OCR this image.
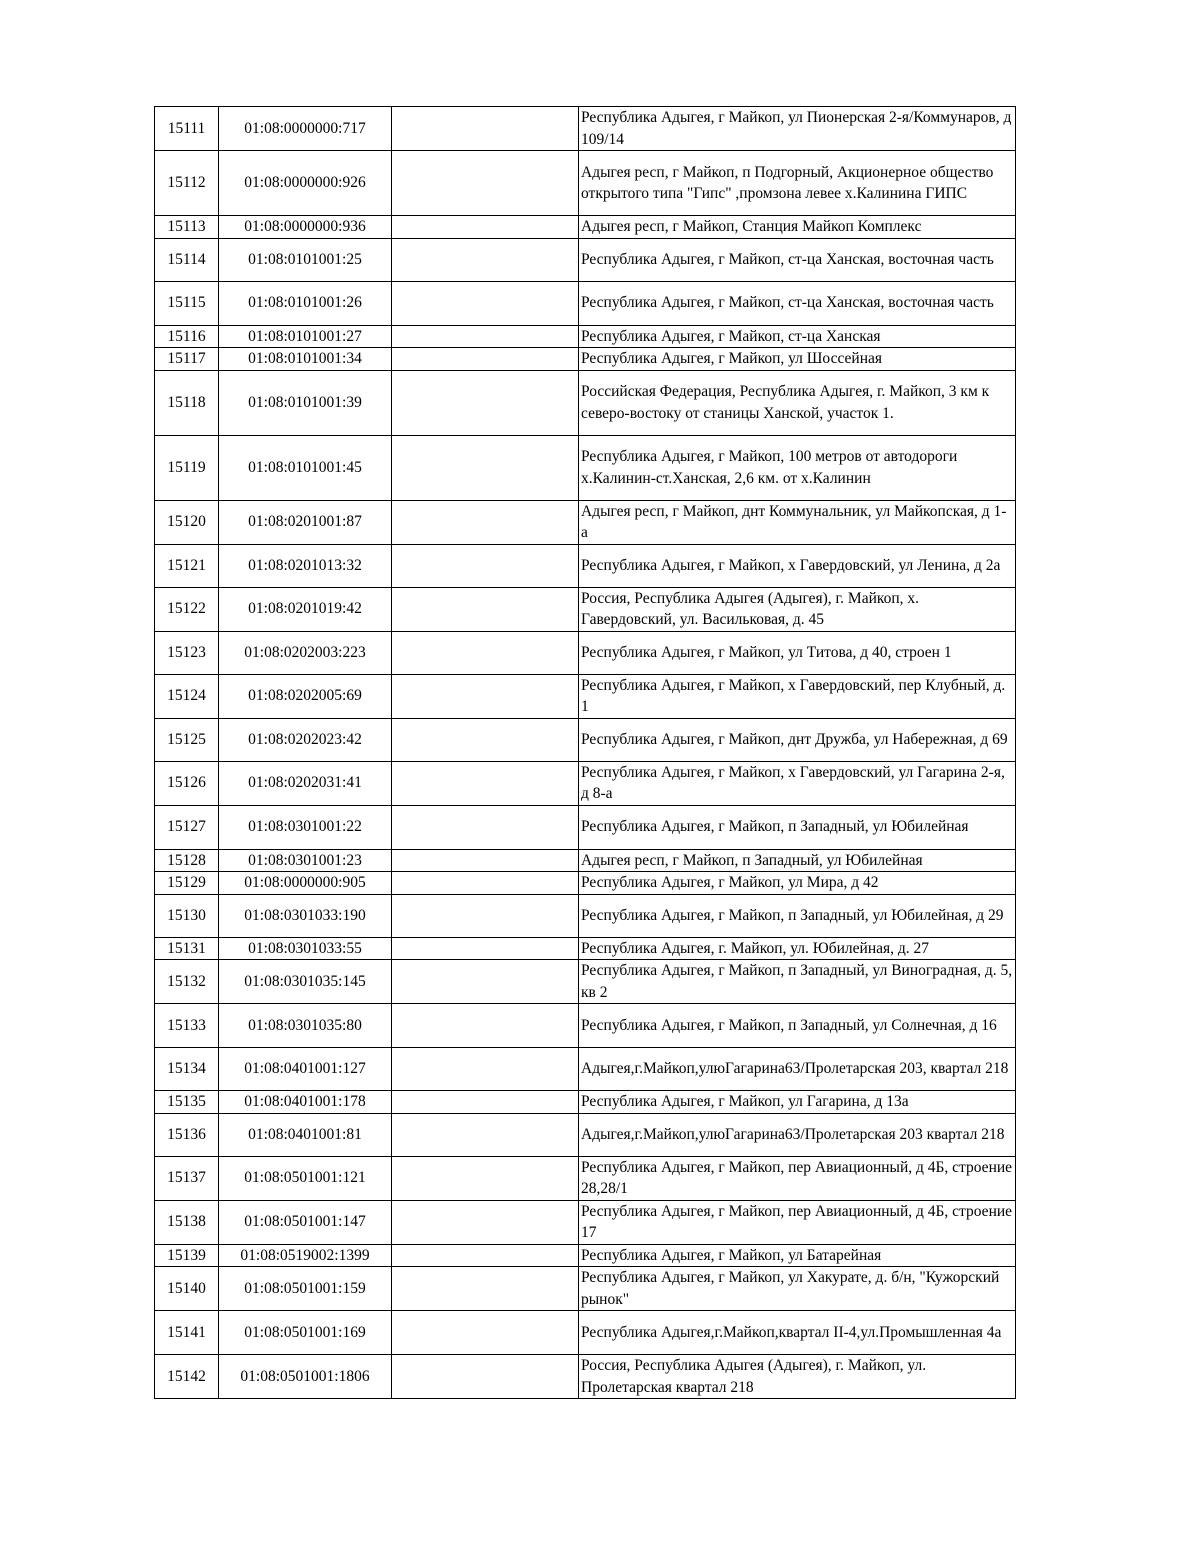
15111	01:08:0000000:717		Республика Адыгея, г Майкоп, ул Пионерская 2-я/Коммунаров, д 109/14
15112	01:08:0000000:926		Адыгея респ, г Майкоп, п Подгорный, Акционерное общество открытого типа "Гипс" ,промзона левее х.Калинина ГИПС
15113	01:08:0000000:936		Адыгея респ, г Майкоп, Станция Майкоп Комплекс
15114	01:08:0101001:25		Республика Адыгея, г Майкоп, ст-ца Ханская, восточная часть
15115	01:08:0101001:26		Республика Адыгея, г Майкоп, ст-ца Ханская, восточная часть
15116	01:08:0101001:27		Республика Адыгея, г Майкоп, ст-ца Ханская
15117	01:08:0101001:34		Республика Адыгея, г Майкоп, ул Шоссейная
15118	01:08:0101001:39		Российская Федерация, Республика Адыгея, г. Майкоп, 3 км к северо-востоку от станицы Ханской, участок 1.
15119	01:08:0101001:45		Республика Адыгея, г Майкоп, 100 метров от автодороги х.Калинин-ст.Ханская, 2,6 км. от х.Калинин
15120	01:08:0201001:87		Адыгея респ, г Майкоп, днт Коммунальник, ул Майкопская, д 1-а
15121	01:08:0201013:32		Республика Адыгея, г Майкоп, х Гавердовский, ул Ленина, д 2а
15122	01:08:0201019:42		Россия, Республика Адыгея (Адыгея), г. Майкоп, х. Гавердовский, ул. Васильковая, д. 45
15123	01:08:0202003:223		Республика Адыгея, г Майкоп, ул Титова, д 40, строен 1
15124	01:08:0202005:69		Республика Адыгея, г Майкоп, х Гавердовский, пер Клубный, д. 1
15125	01:08:0202023:42		Республика Адыгея, г Майкоп, днт Дружба, ул Набережная, д 69
15126	01:08:0202031:41		Республика Адыгея, г Майкоп, х Гавердовский, ул Гагарина 2-я, д 8-а
15127	01:08:0301001:22		Республика Адыгея, г Майкоп, п Западный, ул Юбилейная
15128	01:08:0301001:23		Адыгея респ, г Майкоп, п Западный, ул Юбилейная
15129	01:08:0000000:905		Республика Адыгея, г Майкоп, ул Мира, д 42
15130	01:08:0301033:190		Республика Адыгея, г Майкоп, п Западный, ул Юбилейная, д 29
15131	01:08:0301033:55		Республика Адыгея, г. Майкоп, ул. Юбилейная, д. 27
15132	01:08:0301035:145		Республика Адыгея, г Майкоп, п Западный, ул Виноградная, д. 5, кв 2
15133	01:08:0301035:80		Республика Адыгея, г Майкоп, п Западный, ул Солнечная, д 16
15134	01:08:0401001:127		Адыгея,г.Майкоп,улюГагарина63/Пролетарская 203, квартал 218
15135	01:08:0401001:178		Республика Адыгея, г Майкоп, ул Гагарина, д 13а
15136	01:08:0401001:81		Адыгея,г.Майкоп,улюГагарина63/Пролетарская 203 квартал 218
15137	01:08:0501001:121		Республика Адыгея, г Майкоп, пер Авиационный, д 4Б, строение 28,28/1
15138	01:08:0501001:147		Республика Адыгея, г Майкоп, пер Авиационный, д 4Б, строение 17
15139	01:08:0519002:1399		Республика Адыгея, г Майкоп, ул Батарейная
15140	01:08:0501001:159		Республика Адыгея, г Майкоп, ул Хакурате, д. б/н, "Кужорский рынок"
15141	01:08:0501001:169		Республика Адыгея,г.Майкоп,квартал II-4,ул.Промышленная 4а
15142	01:08:0501001:1806		Россия, Республика Адыгея (Адыгея), г. Майкоп, ул. Пролетарская квартал 218
